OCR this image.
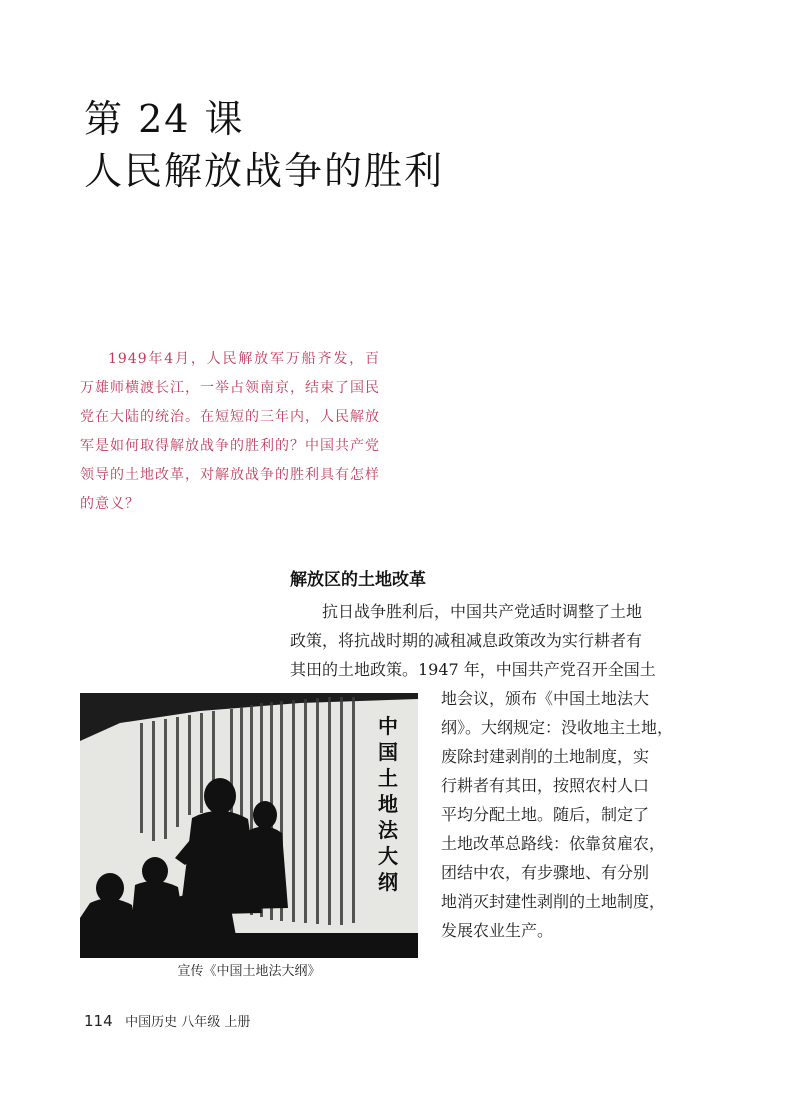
第 24 课
人民解放战争的胜利
1949年4月，人民解放军万船齐发，百万雄师横渡长江，一举占领南京，结束了国民党在大陆的统治。在短短的三年内，人民解放军是如何取得解放战争的胜利的？中国共产党领导的土地改革，对解放战争的胜利具有怎样的意义？
解放区的土地改革
抗日战争胜利后，中国共产党适时调整了土地
政策，将抗战时期的减租减息政策改为实行耕者有
其田的土地政策。1947 年，中国共产党召开全国土
地会议，颁布《中国土地法大
纲》。大纲规定：没收地主土地，
废除封建剥削的土地制度，实
行耕者有其田，按照农村人口
平均分配土地。随后，制定了
土地改革总路线：依靠贫雇农，
团结中农，有步骤地、有分别
地消灭封建性剥削的土地制度，
发展农业生产。
中
国
土
地
法
大
纲
宣传《中国土地法大纲》
114 中国历史 八年级 上册
